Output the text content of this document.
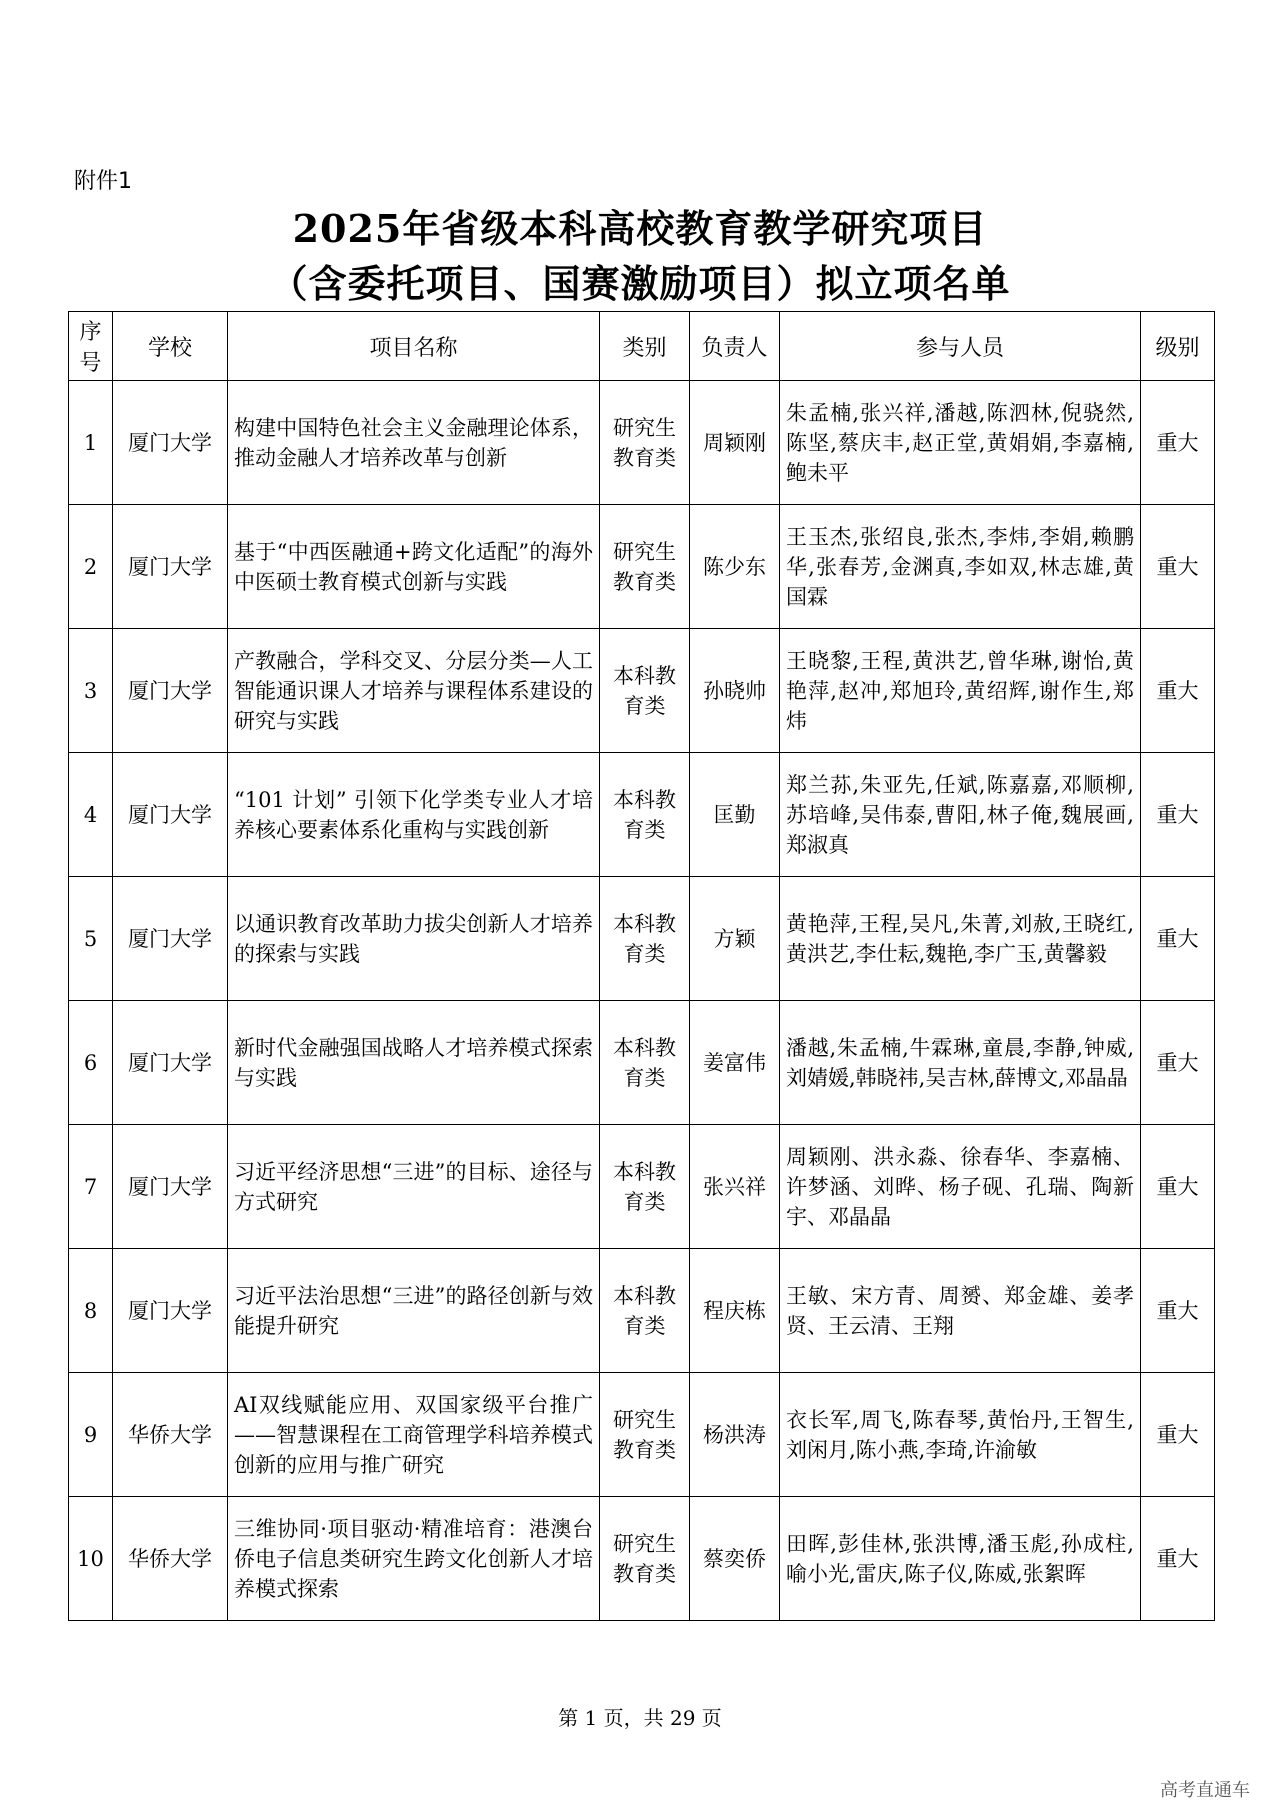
附件1
2025年省级本科高校教育教学研究项目
（含委托项目、国赛激励项目）拟立项名单
序号	学校	项目名称	类别	负责人	参与人员	级别
1	厦门大学	构建中国特色社会主义金融理论体系，推动金融人才培养改革与创新	研究生教育类	周颖刚	朱孟楠,张兴祥,潘越,陈泗林,倪骁然,陈坚,蔡庆丰,赵正堂,黄娟娟,李嘉楠,鲍未平	重大
2	厦门大学	基于“中西医融通+跨文化适配”的海外中医硕士教育模式创新与实践	研究生教育类	陈少东	王玉杰,张绍良,张杰,李炜,李娟,赖鹏华,张春芳,金渊真,李如双,林志雄,黄国霖	重大
3	厦门大学	产教融合，学科交叉、分层分类—人工智能通识课人才培养与课程体系建设的研究与实践	本科教育类	孙晓帅	王晓黎,王程,黄洪艺,曾华琳,谢怡,黄艳萍,赵冲,郑旭玲,黄绍辉,谢作生,郑炜	重大
4	厦门大学	“101 计划” 引领下化学类专业人才培养核心要素体系化重构与实践创新	本科教育类	匡勤	郑兰荪,朱亚先,任斌,陈嘉嘉,邓顺柳,苏培峰,吴伟泰,曹阳,林子俺,魏展画,郑淑真	重大
5	厦门大学	以通识教育改革助力拔尖创新人才培养的探索与实践	本科教育类	方颖	黄艳萍,王程,吴凡,朱菁,刘赦,王晓红,黄洪艺,李仕耘,魏艳,李广玉,黄馨毅	重大
6	厦门大学	新时代金融强国战略人才培养模式探索与实践	本科教育类	姜富伟	潘越,朱孟楠,牛霖琳,童晨,李静,钟威,刘婧媛,韩晓祎,吴吉林,薛博文,邓晶晶	重大
7	厦门大学	习近平经济思想“三进”的目标、途径与方式研究	本科教育类	张兴祥	周颖刚、洪永淼、徐春华、李嘉楠、许梦涵、刘晔、杨子砚、孔瑞、陶新宇、邓晶晶	重大
8	厦门大学	习近平法治思想“三进”的路径创新与效能提升研究	本科教育类	程庆栋	王敏、宋方青、周赟、郑金雄、姜孝贤、王云清、王翔	重大
9	华侨大学	AI双线赋能应用、双国家级平台推广——智慧课程在工商管理学科培养模式创新的应用与推广研究	研究生教育类	杨洪涛	衣长军,周飞,陈春琴,黄怡丹,王智生,刘闲月,陈小燕,李琦,许渝敏	重大
10	华侨大学	三维协同·项目驱动·精准培育：港澳台侨电子信息类研究生跨文化创新人才培养模式探索	研究生教育类	蔡奕侨	田晖,彭佳林,张洪博,潘玉彪,孙成柱,喻小光,雷庆,陈子仪,陈威,张絮晖	重大
第 1 页，共 29 页
高考直通车
